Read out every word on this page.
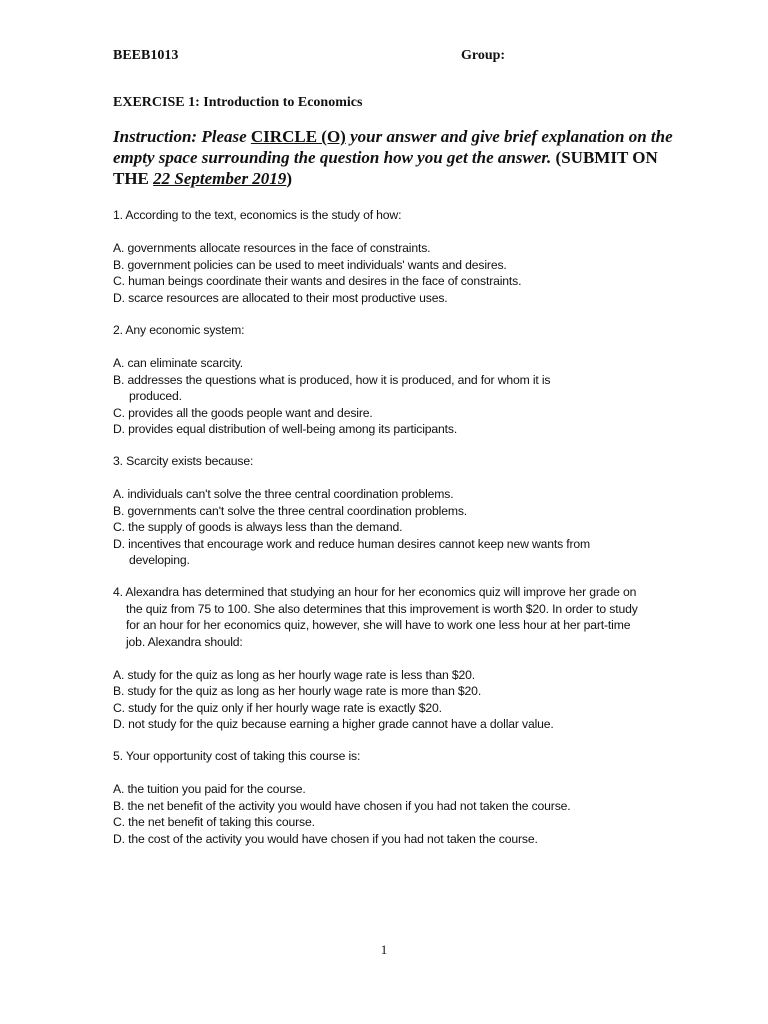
BEEB1013	Group:
EXERCISE 1: Introduction to Economics
Instruction: Please CIRCLE (O) your answer and give brief explanation on the empty space surrounding the question how you get the answer. (SUBMIT ON THE 22 September 2019)

1. According to the text, economics is the study of how:

A. governments allocate resources in the face of constraints.

B. government policies can be used to meet individuals' wants and desires.

C. human beings coordinate their wants and desires in the face of constraints.

D. scarce resources are allocated to their most productive uses.

2. Any economic system:

A. can eliminate scarcity.

B. addresses the questions what is produced, how it is produced, and for whom it is produced.

C. provides all the goods people want and desire.

D. provides equal distribution of well-being among its participants.

3. Scarcity exists because:

A. individuals can't solve the three central coordination problems.

B. governments can't solve the three central coordination problems.

C. the supply of goods is always less than the demand.

D. incentives that encourage work and reduce human desires cannot keep new wants from developing.

4. Alexandra has determined that studying an hour for her economics quiz will improve her grade on the quiz from 75 to 100. She also determines that this improvement is worth $20. In order to study for an hour for her economics quiz, however, she will have to work one less hour at her part-time job. Alexandra should:

A. study for the quiz as long as her hourly wage rate is less than $20.

B. study for the quiz as long as her hourly wage rate is more than $20.

C. study for the quiz only if her hourly wage rate is exactly $20.

D. not study for the quiz because earning a higher grade cannot have a dollar value.

5. Your opportunity cost of taking this course is:

A. the tuition you paid for the course.

B. the net benefit of the activity you would have chosen if you had not taken the course.

C. the net benefit of taking this course.

D. the cost of the activity you would have chosen if you had not taken the course.

1
